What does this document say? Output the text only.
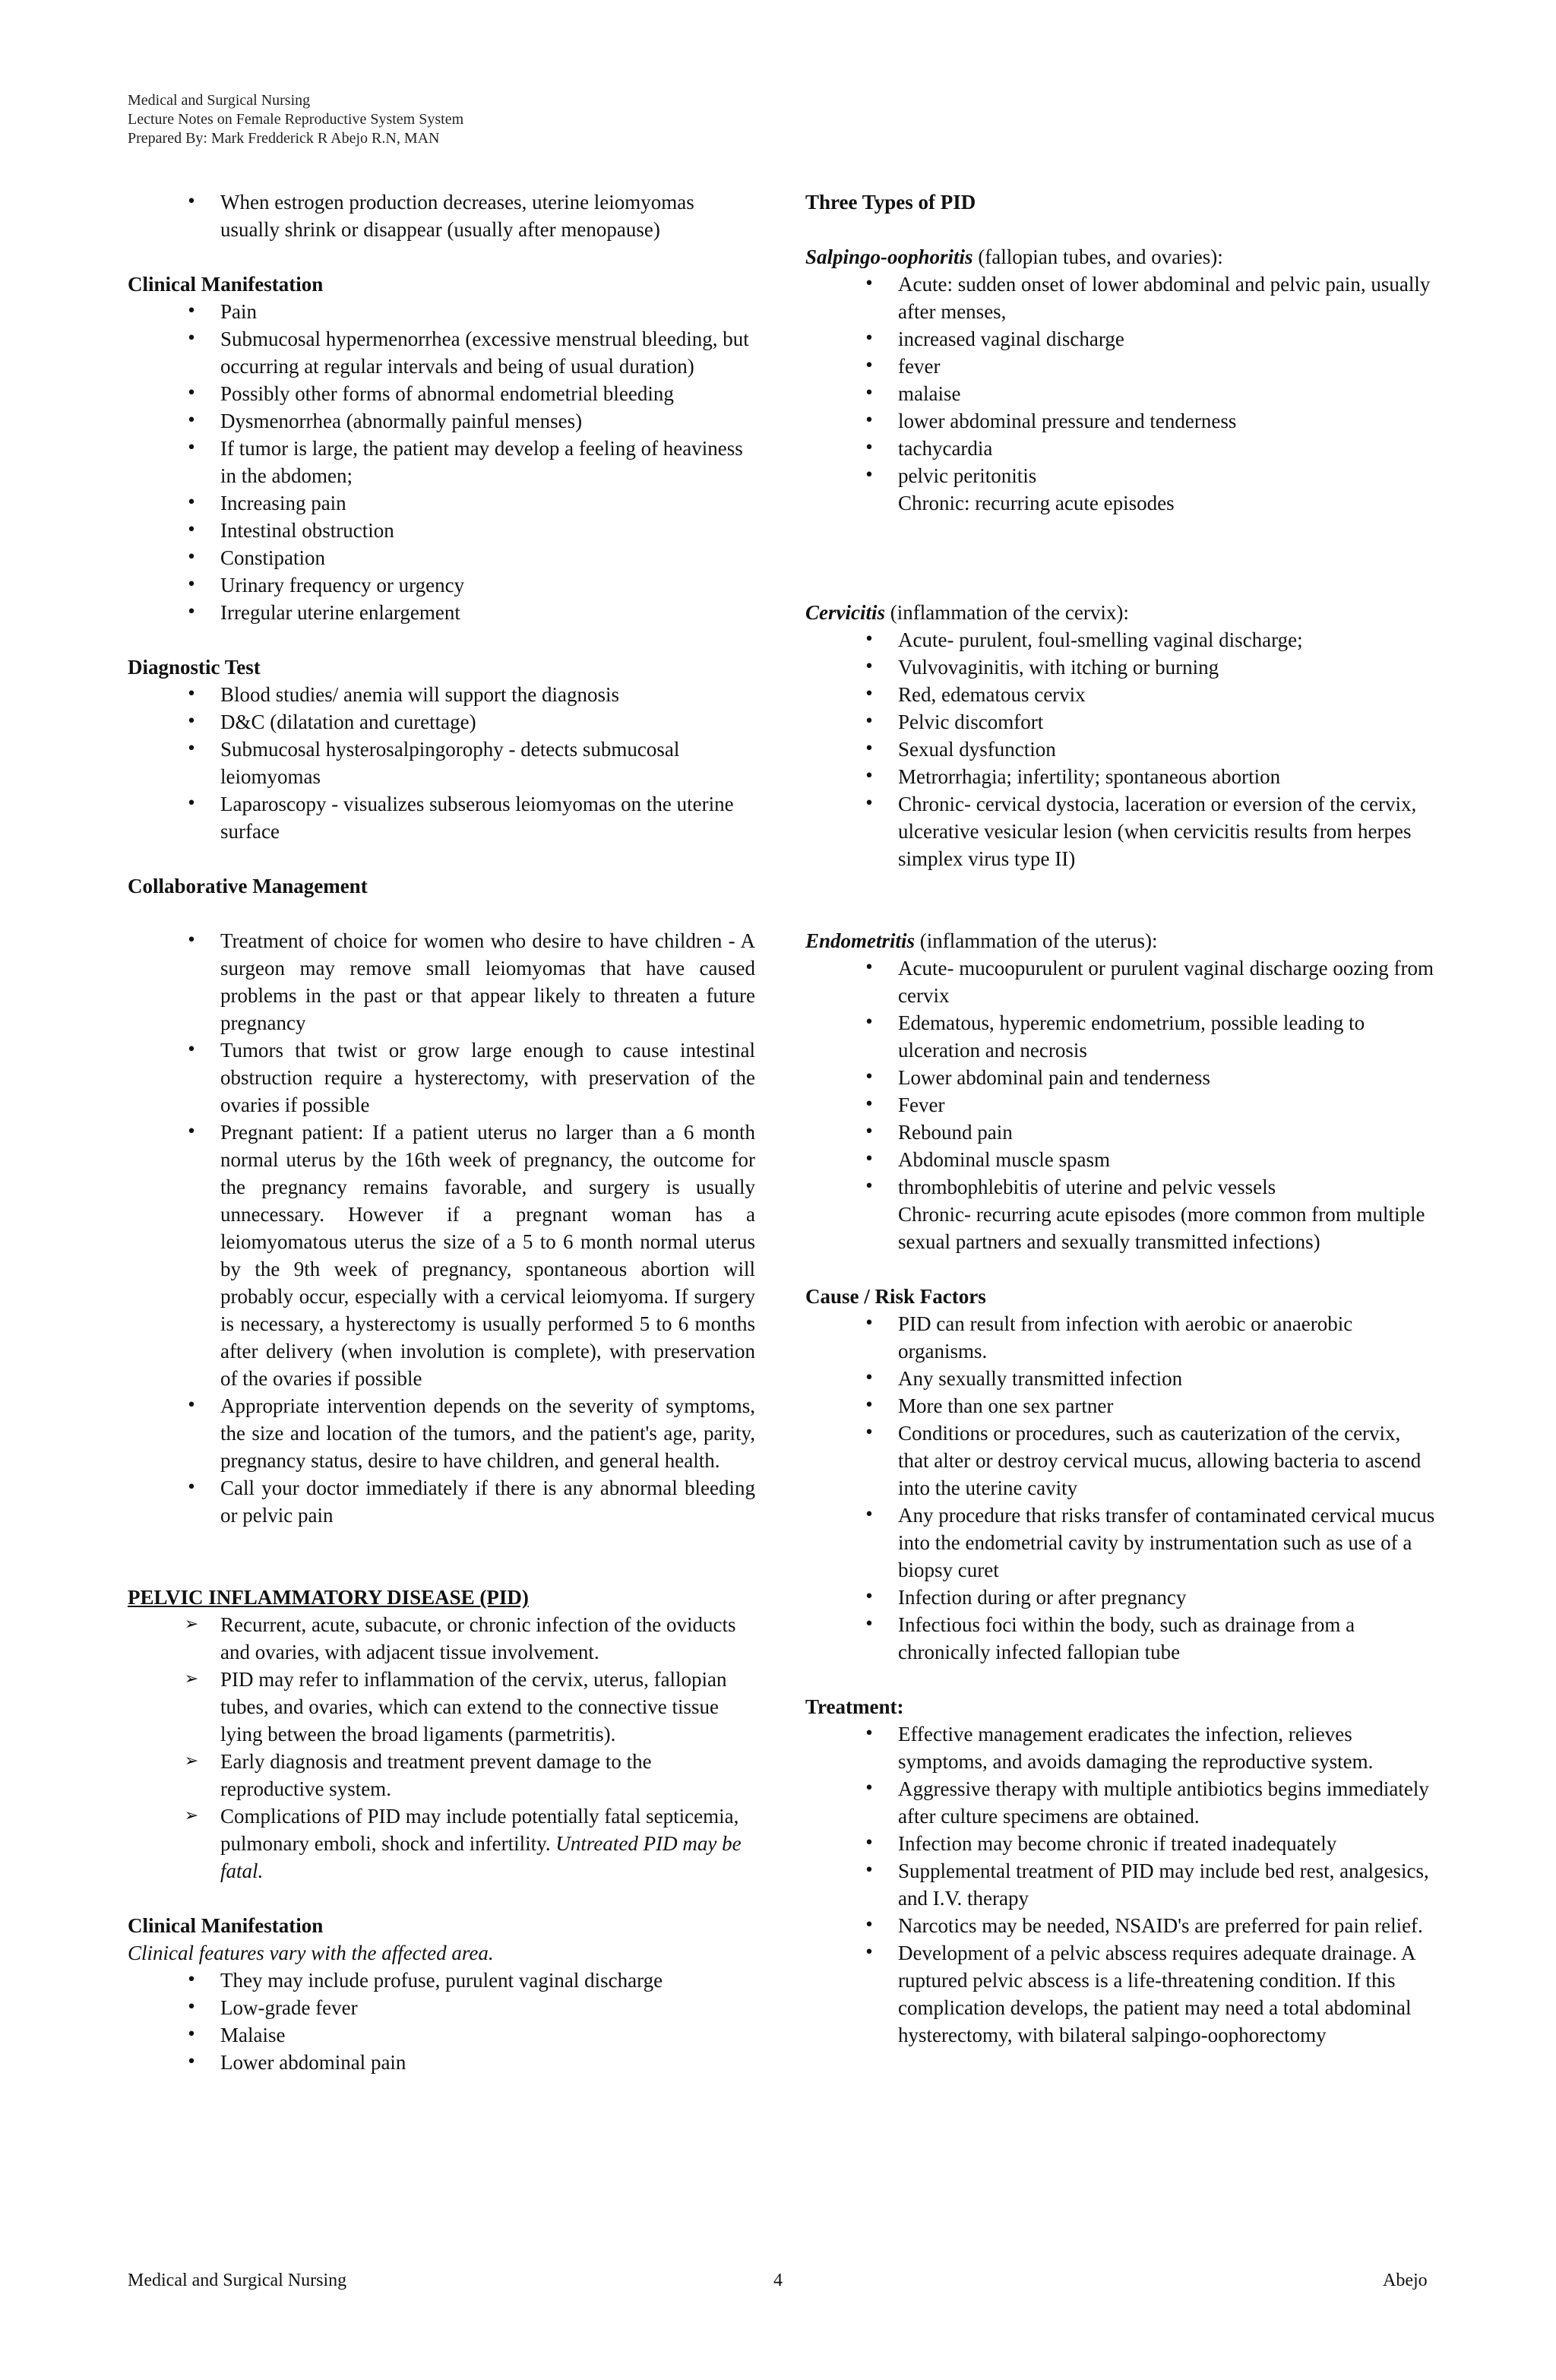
Medical and Surgical Nursing
Lecture Notes on Female Reproductive System System
Prepared By: Mark Fredderick R Abejo R.N, MAN
•	When estrogen production decreases, uterine leiomyomas usually shrink or disappear (usually after menopause)
Clinical Manifestation
•	Pain
•	Submucosal hypermenorrhea (excessive menstrual bleeding, but occurring at regular intervals and being of usual duration)
•	Possibly other forms of abnormal endometrial bleeding
•	Dysmenorrhea (abnormally painful menses)
•	If tumor is large, the patient may develop a feeling of heaviness in the abdomen;
•	Increasing pain
•	Intestinal obstruction
•	Constipation
•	Urinary frequency or urgency
•	Irregular uterine enlargement
Diagnostic Test
•	Blood studies/ anemia will support the diagnosis
•	D&C (dilatation and curettage)
•	Submucosal hysterosalpingorophy - detects submucosal leiomyomas
•	Laparoscopy - visualizes subserous leiomyomas on the uterine surface
Collaborative Management
•	Treatment of choice for women who desire to have children - A surgeon may remove small leiomyomas that have caused problems in the past or that appear likely to threaten a future pregnancy
•	Tumors that twist or grow large enough to cause intestinal obstruction require a hysterectomy, with preservation of the ovaries if possible
•	Pregnant patient: If a patient uterus no larger than a 6 month normal uterus by the 16th week of pregnancy, the outcome for the pregnancy remains favorable, and surgery is usually unnecessary. However if a pregnant woman has a leiomyomatous uterus the size of a 5 to 6 month normal uterus by the 9th week of pregnancy, spontaneous abortion will probably occur, especially with a cervical leiomyoma. If surgery is necessary, a hysterectomy is usually performed 5 to 6 months after delivery (when involution is complete), with preservation of the ovaries if possible
•	Appropriate intervention depends on the severity of symptoms, the size and location of the tumors, and the patient's age, parity, pregnancy status, desire to have children, and general health.
•	Call your doctor immediately if there is any abnormal bleeding or pelvic pain
PELVIC INFLAMMATORY DISEASE (PID)
➢	Recurrent, acute, subacute, or chronic infection of the oviducts and ovaries, with adjacent tissue involvement.
➢	PID may refer to inflammation of the cervix, uterus, fallopian tubes, and ovaries, which can extend to the connective tissue lying between the broad ligaments (parmetritis).
➢	Early diagnosis and treatment prevent damage to the reproductive system.
➢	Complications of PID may include potentially fatal septicemia, pulmonary emboli, shock and infertility. Untreated PID may be fatal.
Clinical Manifestation
Clinical features vary with the affected area.
•	They may include profuse, purulent vaginal discharge
•	Low-grade fever
•	Malaise
•	Lower abdominal pain
Three Types of PID
Salpingo-oophoritis (fallopian tubes, and ovaries):
•	Acute: sudden onset of lower abdominal and pelvic pain, usually after menses,
•	increased vaginal discharge
•	fever
•	malaise
•	lower abdominal pressure and tenderness
•	tachycardia
•	pelvic peritonitis
Chronic: recurring acute episodes
Cervicitis (inflammation of the cervix):
•	Acute- purulent, foul-smelling vaginal discharge;
•	Vulvovaginitis, with itching or burning
•	Red, edematous cervix
•	Pelvic discomfort
•	Sexual dysfunction
•	Metrorrhagia; infertility; spontaneous abortion
•	Chronic- cervical dystocia, laceration or eversion of the cervix, ulcerative vesicular lesion (when cervicitis results from herpes simplex virus type II)
Endometritis (inflammation of the uterus):
•	Acute- mucoopurulent or purulent vaginal discharge oozing from cervix
•	Edematous, hyperemic endometrium, possible leading to ulceration and necrosis
•	Lower abdominal pain and tenderness
•	Fever
•	Rebound pain
•	Abdominal muscle spasm
•	thrombophlebitis of uterine and pelvic vessels
Chronic- recurring acute episodes (more common from multiple sexual partners and sexually transmitted infections)
Cause / Risk Factors
•	PID can result from infection with aerobic or anaerobic organisms.
•	Any sexually transmitted infection
•	More than one sex partner
•	Conditions or procedures, such as cauterization of the cervix, that alter or destroy cervical mucus, allowing bacteria to ascend into the uterine cavity
•	Any procedure that risks transfer of contaminated cervical mucus into the endometrial cavity by instrumentation such as use of a biopsy curet
•	Infection during or after pregnancy
•	Infectious foci within the body, such as drainage from a chronically infected fallopian tube
Treatment:
•	Effective management eradicates the infection, relieves symptoms, and avoids damaging the reproductive system.
•	Aggressive therapy with multiple antibiotics begins immediately after culture specimens are obtained.
•	Infection may become chronic if treated inadequately
•	Supplemental treatment of PID may include bed rest, analgesics, and I.V. therapy
•	Narcotics may be needed, NSAID's are preferred for pain relief.
•	Development of a pelvic abscess requires adequate drainage. A ruptured pelvic abscess is a life-threatening condition. If this complication develops, the patient may need a total abdominal hysterectomy, with bilateral salpingo-oophorectomy
Medical and Surgical Nursing	4	Abejo
